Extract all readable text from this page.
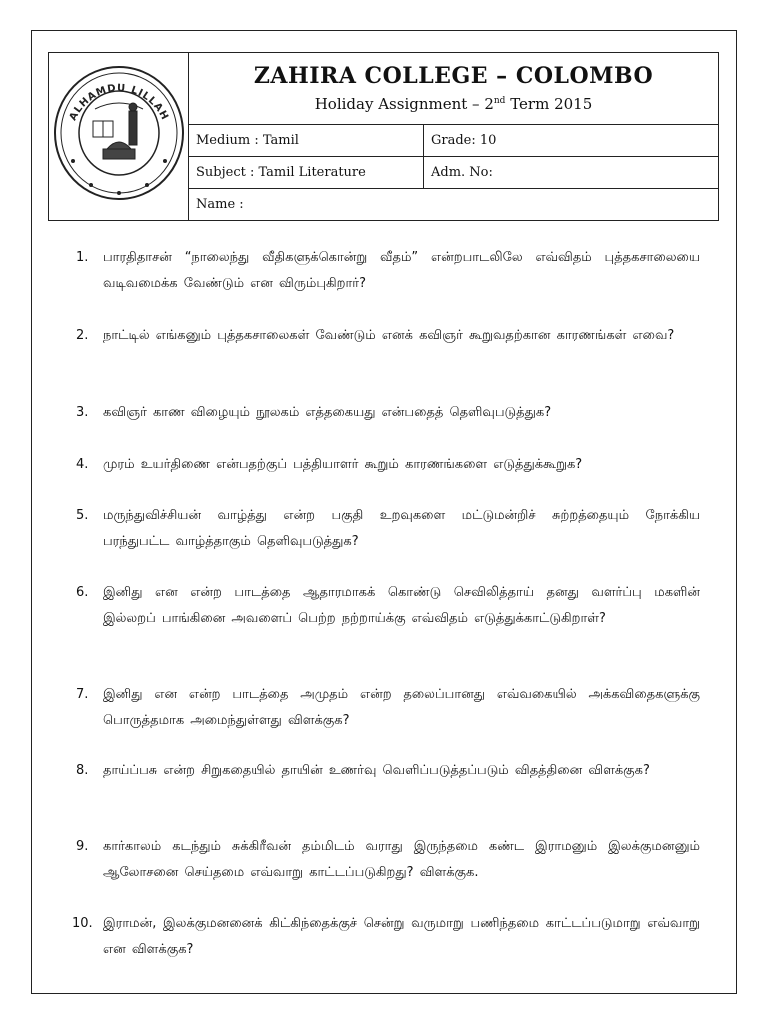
ALHAMDU LILLAH
ZAHIRA COLLEGE – COLOMBO
Holiday Assignment – 2nd Term 2015
Medium : Tamil	Grade: 10
Subject : Tamil Literature	Adm. No:
Name :
1. பாரதிதாசன் “நாலைந்து வீதிகளுக்கொன்று வீதம்” என்றபாடலிலே எவ்விதம் புத்தகசாலையை வடிவமைக்க வேண்டும் என விரும்புகிறார்?
2. நாட்டில் எங்கனும் புத்தகசாலைகள் வேண்டும் எனக் கவிஞர் கூறுவதற்கான காரணங்கள் எவை?
3. கவிஞர் காண விழையும் நூலகம் எத்தகையது என்பதைத் தெளிவுபடுத்துக?
4. முரம் உயர்திணை என்பதற்குப் பத்தியாளர் கூறும் காரணங்களை எடுத்துக்கூறுக?
5. மருந்துவிச்சியன் வாழ்த்து என்ற பகுதி உறவுகளை மட்டுமன்றிச் சுற்றத்தையும் நோக்கிய பரந்துபட்ட வாழ்த்தாகும் தெளிவுபடுத்துக?
6. இனிது என என்ற பாடத்தை ஆதாரமாகக் கொண்டு செவிலித்தாய் தனது வளர்ப்பு மகளின் இல்லறப் பாங்கினை அவளைப் பெற்ற நற்றாய்க்கு எவ்விதம் எடுத்துக்காட்டுகிறாள்?
7. இனிது என என்ற பாடத்தை அமுதம் என்ற தலைப்பானது எவ்வகையில் அக்கவிதைகளுக்கு பொருத்தமாக அமைந்துள்ளது விளக்குக?
8. தாய்ப்பசு என்ற சிறுகதையில் தாயின் உணர்வு வெளிப்படுத்தப்படும் விதத்தினை விளக்குக?
9. கார்காலம் கடந்தும் சுக்கிரீவன் தம்மிடம் வராது இருந்தமை கண்ட இராமனும் இலக்குமனனும் ஆலோசனை செய்தமை எவ்வாறு காட்டப்படுகிறது? விளக்குக.
10. இராமன், இலக்குமனனைக் கிட்கிந்தைக்குச் சென்று வருமாறு பணிந்தமை காட்டப்படுமாறு எவ்வாறு என விளக்குக?
